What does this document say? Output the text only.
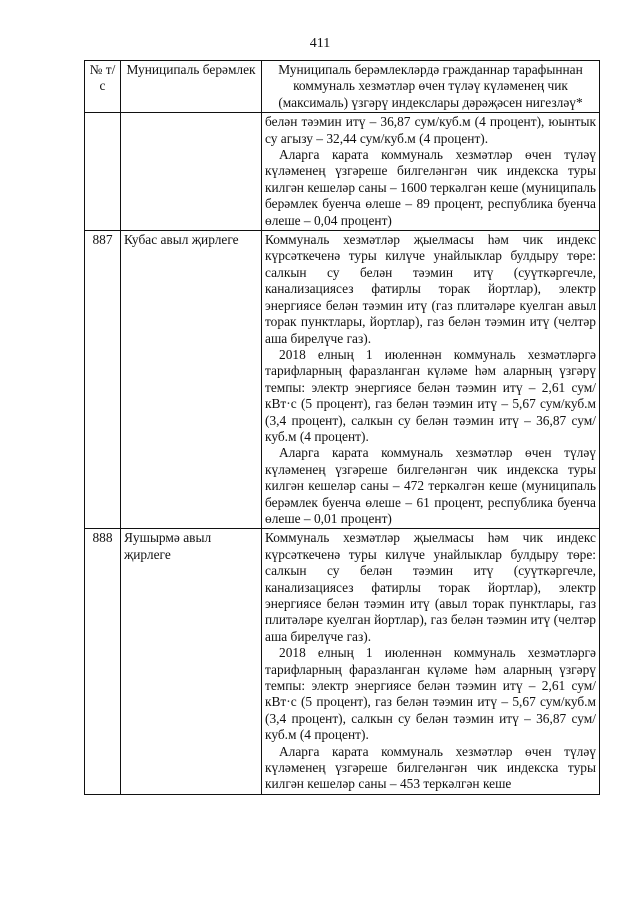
411
№ т/с	Муниципаль берәмлек	Муниципаль берәмлекләрдә гражданнар тарафыннан коммуналь хезмәтләр өчен түләү күләменең чик (максималь) үзгәрү индекслары дәрәҗәсен нигезләү*

		белән тәэмин итү – 36,87 сум/куб.м (4 процент), юынтык су агызу – 32,44 сум/куб.м (4 процент).

Аларга карата коммуналь хезмәтләр өчен түләү күләменең үзгәреше билгеләнгән чик индекска туры килгән кешеләр саны – 1600 теркәлгән кеше (муниципаль берәмлек буенча өлеше – 89 процент, республика буенча өлеше – 0,04 процент)

887	Кубас авыл җирлеге	Коммуналь хезмәтләр җыелмасы һәм чик индекс күрсәткеченә туры килүче унайлыклар булдыру төре: салкын су белән тәэмин итү (суүткәргечле, канализациясез фатирлы торак йортлар), электр энергиясе белән тәэмин итү (газ плитәләре куелган авыл торак пунктлары, йортлар), газ белән тәэмин итү (челтәр аша бирелүче газ).

2018 елның 1 июленнән коммуналь хезмәтләргә тарифларның фаразланган күләме һәм аларның үзгәрү темпы: электр энергиясе белән тәэмин итү – 2,61 сум/кВт·с (5 процент), газ белән тәэмин итү – 5,67 сум/куб.м (3,4 процент), салкын су белән тәэмин итү – 36,87 сум/куб.м (4 процент).

Аларга карата коммуналь хезмәтләр өчен түләү күләменең үзгәреше билгеләнгән чик индекска туры килгән кешеләр саны – 472 теркәлгән кеше (муниципаль берәмлек буенча өлеше – 61 процент, республика буенча өлеше – 0,01 процент)

888	Яушырмә авыл җирлеге	Коммуналь хезмәтләр җыелмасы һәм чик индекс күрсәткеченә туры килүче унайлыклар булдыру төре: салкын су белән тәэмин итү (суүткәргечле, канализациясез фатирлы торак йортлар), электр энергиясе белән тәэмин итү (авыл торак пунктлары, газ плитәләре куелган йортлар), газ белән тәэмин итү (челтәр аша бирелүче газ).

2018 елның 1 июленнән коммуналь хезмәтләргә тарифларның фаразланган күләме һәм аларның үзгәрү темпы: электр энергиясе белән тәэмин итү – 2,61 сум/кВт·с (5 процент), газ белән тәэмин итү – 5,67 сум/куб.м (3,4 процент), салкын су белән тәэмин итү – 36,87 сум/куб.м (4 процент).

Аларга карата коммуналь хезмәтләр өчен түләү күләменең үзгәреше билгеләнгән чик индекска туры килгән кешеләр саны – 453 теркәлгән кеше
